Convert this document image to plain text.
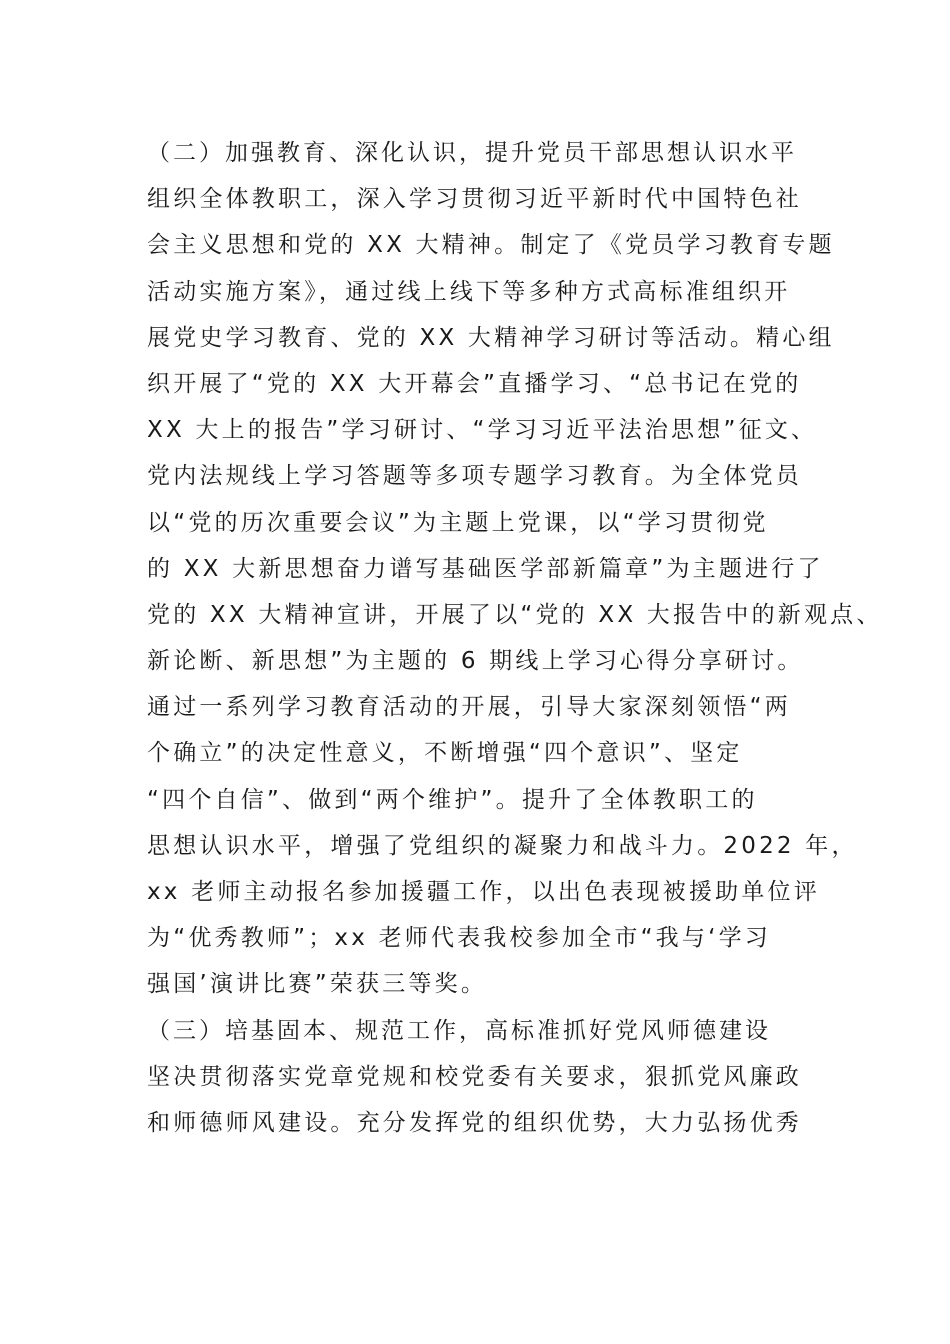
（二）加强教育、深化认识，提升党员干部思想认识水平
组织全体教职工，深入学习贯彻习近平新时代中国特色社
会主义思想和党的 XX 大精神。制定了《党员学习教育专题
活动实施方案》，通过线上线下等多种方式高标准组织开
展党史学习教育、党的 XX 大精神学习研讨等活动。精心组
织开展了“党的 XX 大开幕会”直播学习、“总书记在党的
XX 大上的报告”学习研讨、“学习习近平法治思想”征文、
党内法规线上学习答题等多项专题学习教育。为全体党员
以“党的历次重要会议”为主题上党课，以“学习贯彻党
的 XX 大新思想奋力谱写基础医学部新篇章”为主题进行了
党的 XX 大精神宣讲，开展了以“党的 XX 大报告中的新观点、
新论断、新思想”为主题的 6 期线上学习心得分享研讨。
通过一系列学习教育活动的开展，引导大家深刻领悟“两
个确立”的决定性意义，不断增强“四个意识”、坚定
“四个自信”、做到“两个维护”。提升了全体教职工的
思想认识水平，增强了党组织的凝聚力和战斗力。2022 年，
xx 老师主动报名参加援疆工作，以出色表现被援助单位评
为“优秀教师”；xx 老师代表我校参加全市“我与‘学习
强国’演讲比赛”荣获三等奖。
（三）培基固本、规范工作，高标准抓好党风师德建设
坚决贯彻落实党章党规和校党委有关要求，狠抓党风廉政
和师德师风建设。充分发挥党的组织优势，大力弘扬优秀
